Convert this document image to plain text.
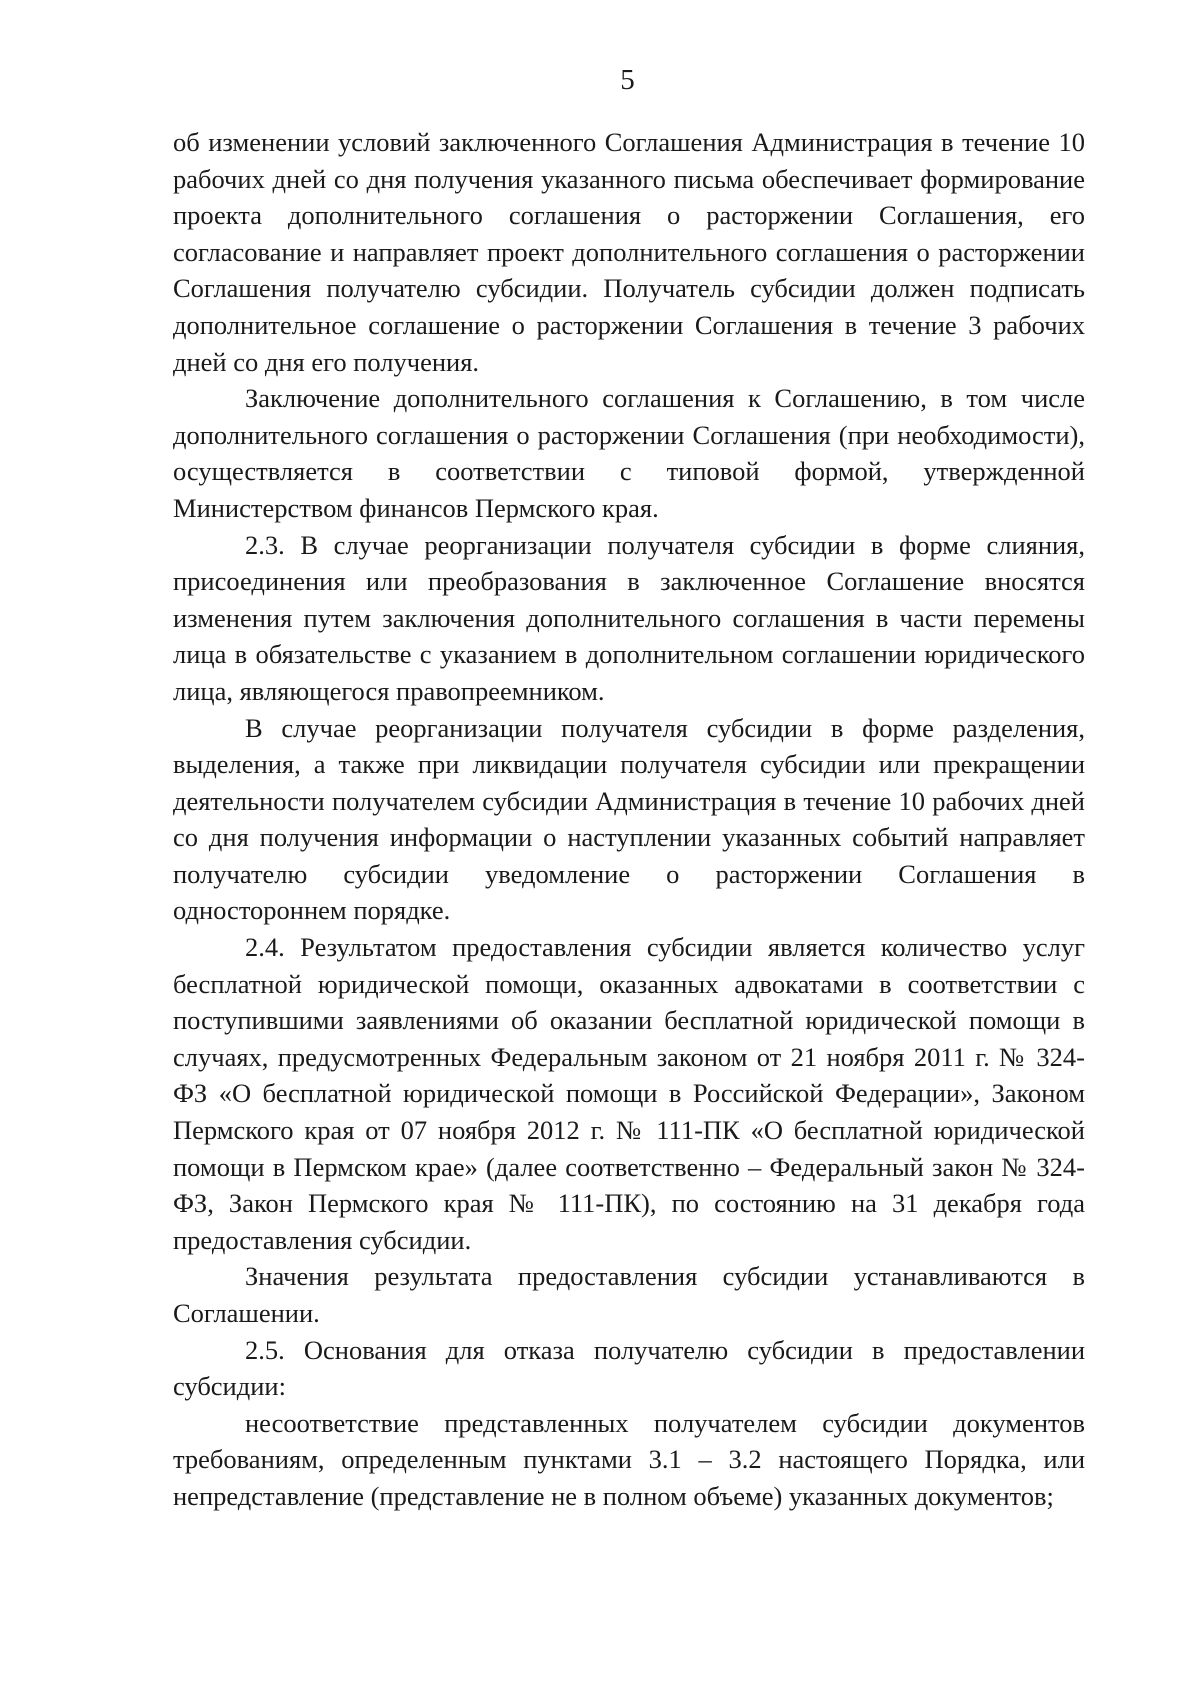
5

об изменении условий заключенного Соглашения Администрация в течение 10 рабочих дней со дня получения указанного письма обеспечивает формирование проекта дополнительного соглашения о расторжении Соглашения, его согласование и направляет проект дополнительного соглашения о расторжении Соглашения получателю субсидии. Получатель субсидии должен подписать дополнительное соглашение о расторжении Соглашения в течение 3 рабочих дней со дня его получения.

Заключение дополнительного соглашения к Соглашению, в том числе дополнительного соглашения о расторжении Соглашения (при необходимости), осуществляется в соответствии с типовой формой, утвержденной Министерством финансов Пермского края.

2.3. В случае реорганизации получателя субсидии в форме слияния, присоединения или преобразования в заключенное Соглашение вносятся изменения путем заключения дополнительного соглашения в части перемены лица в обязательстве с указанием в дополнительном соглашении юридического лица, являющегося правопреемником.

В случае реорганизации получателя субсидии в форме разделения, выделения, а также при ликвидации получателя субсидии или прекращении деятельности получателем субсидии Администрация в течение 10 рабочих дней со дня получения информации о наступлении указанных событий направляет получателю субсидии уведомление о расторжении Соглашения в одностороннем порядке.

2.4. Результатом предоставления субсидии является количество услуг бесплатной юридической помощи, оказанных адвокатами в соответствии с поступившими заявлениями об оказании бесплатной юридической помощи в случаях, предусмотренных Федеральным законом от 21 ноября 2011 г. № 324-ФЗ «О бесплатной юридической помощи в Российской Федерации», Законом Пермского края от 07 ноября 2012 г. № 111-ПК «О бесплатной юридической помощи в Пермском крае» (далее соответственно – Федеральный закон № 324-ФЗ, Закон Пермского края № 111-ПК), по состоянию на 31 декабря года предоставления субсидии.

Значения результата предоставления субсидии устанавливаются в Соглашении.

2.5. Основания для отказа получателю субсидии в предоставлении субсидии:

несоответствие представленных получателем субсидии документов требованиям, определенным пунктами 3.1 – 3.2 настоящего Порядка, или непредставление (представление не в полном объеме) указанных документов;
